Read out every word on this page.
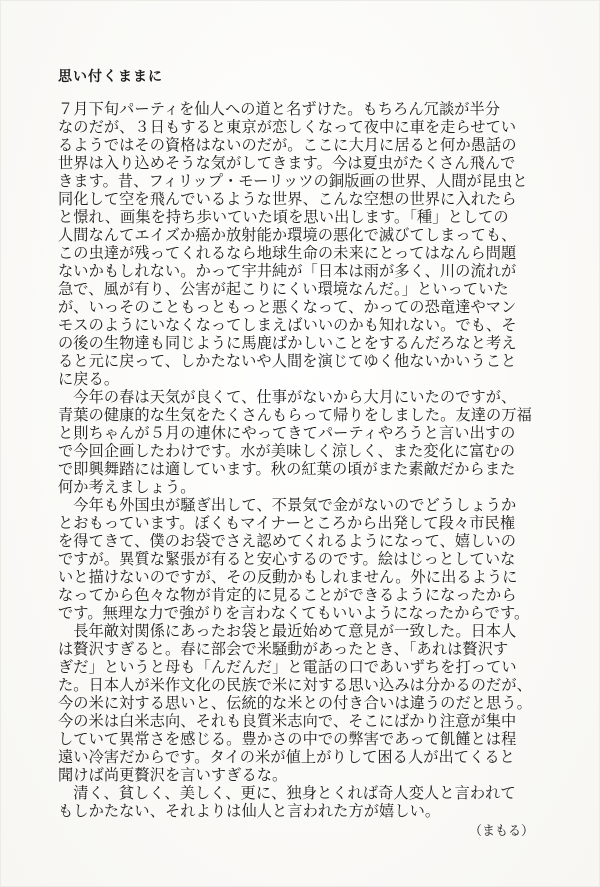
思い付くままに
７月下旬パーティを仙人への道と名ずけた。もちろん冗談が半分
なのだが、３日もすると東京が恋しくなって夜中に車を走らせてい
るようではその資格はないのだが。ここに大月に居ると何か愚話の
世界は入り込めそうな気がしてきます。今は夏虫がたくさん飛んで
きます。昔、フィリップ・モーリッツの銅版画の世界、人間が昆虫と
同化して空を飛んでいるような世界、こんな空想の世界に入れたら
と憬れ、画集を持ち歩いていた頃を思い出します。「種」としての
人間なんてエイズか癌か放射能か環境の悪化で滅びてしまっても、
この虫達が残ってくれるなら地球生命の未来にとってはなんら問題
ないかもしれない。かって宇井純が「日本は雨が多く、川の流れが
急で、風が有り、公害が起こりにくい環境なんだ。」といっていた
が、いっそのこともっともっと悪くなって、かっての恐竜達やマン
モスのようにいなくなってしまえばいいのかも知れない。でも、そ
の後の生物達も同じように馬鹿ばかしいことをするんだろなと考え
ると元に戻って、しかたないや人間を演じてゆく他ないかいうこと
に戻る。
　今年の春は天気が良くて、仕事がないから大月にいたのですが、
青葉の健康的な生気をたくさんもらって帰りをしました。友達の万福
と則ちゃんが５月の連休にやってきてパーティやろうと言い出すの
で今回企画したわけです。水が美味しく涼しく、また変化に富むの
で即興舞踏には適しています。秋の紅葉の頃がまた素敵だからまた
何か考えましょう。
　今年も外国虫が騒ぎ出して、不景気で金がないのでどうしょうか
とおもっています。ぼくもマイナーところから出発して段々市民権
を得てきて、僕のお袋でさえ認めてくれるようになって、嬉しいの
ですが。異質な緊張が有ると安心するのです。絵はじっとしていな
いと描けないのですが、その反動かもしれません。外に出るように
なってから色々な物が肯定的に見ることができるようになったから
です。無理な力で強がりを言わなくてもいいようになったからです。
　長年敵対関係にあったお袋と最近始めて意見が一致した。日本人
は贅沢すぎると。春に部会で米騒動があったとき、「あれは贅沢す
ぎだ」というと母も「んだんだ」と電話の口であいずちを打ってい
た。日本人が米作文化の民族で米に対する思い込みは分かるのだが、
今の米に対する思いと、伝統的な米との付き合いは違うのだと思う。
今の米は白米志向、それも良質米志向で、そこにばかり注意が集中
していて異常さを感じる。豊かさの中での弊害であって飢饉とは程
遠い冷害だからです。タイの米が値上がりして困る人が出てくると
聞けば尚更贅沢を言いすぎるな。
　清く、貧しく、美しく、更に、独身とくれば奇人変人と言われて
もしかたない、それよりは仙人と言われた方が嬉しい。
（まもる）
